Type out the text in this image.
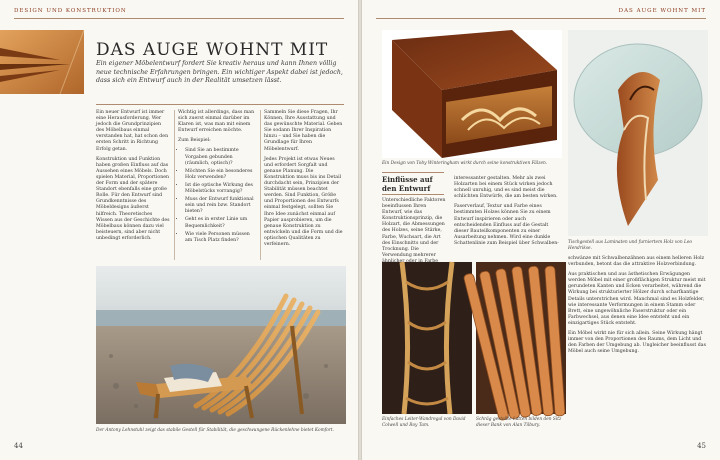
DESIGN UND KONSTRUKTION
DAS AUGE WOHNT MIT
Ein eigener Möbelentwurf fordert Sie kreativ heraus und kann Ihnen völlig neue technische Erfahrungen bringen. Ein wichtiger Aspekt dabei ist jedoch, dass sich ein Entwurf auch in der Realität umsetzen lässt.

Ein neuer Entwurf ist immer eine Herausforderung. Wer jedoch die Grundprinzipien des Möbelbaus einmal verstanden hat, hat schon den ersten Schritt in Richtung Erfolg getan.

Konstruktion und Funktion haben großen Einfluss auf das Aussehen eines Möbels. Doch spielen Material, Proportionen der Form und der spätere Standort ebenfalls eine große Rolle. Für den Entwurf sind Grundkenntnisse des Möbeldesigns äußerst hilfreich. Theoretisches Wissen aus der Geschichte des Möbelbaus können dazu viel beisteuern, sind aber nicht unbedingt erforderlich.

Wichtig ist allerdings, dass man sich zuerst einmal darüber im Klaren ist, was man mit einem Entwurf erreichen möchte.

Zum Beispiel:

• Sind Sie an bestimmte Vorgaben gebunden (räumlich, optisch)?
• Möchten Sie ein besonderes Holz verwenden?
• Ist die optische Wirkung des Möbelstücks vorrangig?
• Muss der Entwurf funktional sein und rein bzw. Standort bieten?
• Geht es in erster Linie um Bequemlichkeit?
• Wie viele Personen müssen am Tisch Platz finden?

Sammeln Sie diese Fragen, Ihr Können, Ihre Ausstattung und das gewünschte Material. Geben Sie sodann Ihrer Inspiration hinzu – und Sie haben die Grundlage für Ihren Möbelentwurf.

Jedes Projekt ist etwas Neues und erfordert Sorgfalt und genaue Planung. Die Konstruktion muss bis ins Detail durchdacht sein, Prinzipien der Stabilität müssen beachtet werden. Sind Funktion, Größe und Proportionen des Entwurfs einmal festgelegt, sollten Sie Ihre Idee zunächst einmal auf Papier ausprobieren, um die genaue Konstruktion zu entwickeln und die Form und die optischen Qualitäten zu verfeinern.

Der Antony Lehnstuhl zeigt das stabile Gestell für Stabilität, die geschwungene Rückenlehne bietet Komfort.
44
DAS AUGE WOHNT MIT
Ein Design von Toby Winteringham wirkt durch seine konstruktiven Fälzen.
Einflüsse auf den Entwurf
Unterschiedliche Faktoren beeinflussen Ihren Entwurf, wie das Konstruktionsprinzip, die Holzart, die Abmessungen des Holzes, seine Stärke, Farbe, Wuchsart, die Art des Einschnitts und der Trocknung. Die Verwendung mehrerer

interessanter gestalten. Mehr als zwei Holzarten bei einem Stück wirken jedoch schnell unruhig, und es sind meist die schlichten Entwürfe, die am besten wirken.

Faserverlauf, Textur und Farbe eines bestimmten Holzes können Sie zu einem Entwurf inspirieren oder auch entscheidenden Einfluss auf die Gestalt dieser Bauteilkomponenten zu einer Ausarbeitung nehmen. Wird eine dunkle Schattenlinie zum Beispiel über Schwalben-	Tischgestell aus Laminaten und furniertem Holz von Leo Hendrikse.

schwänze mit Schwalbenzähnen aus einem helleren Holz verbunden, betont das die attraktive Holzverbindung.

Aus praktischen und aus ästhetischen Erwägungen werden Möbel mit einer großflächigen Struktur meist mit gerundeten Kanten und Ecken verarbeitet, während die Wirkung bei strukturierter Hölzer durch scharfkantige Details unterstrichen wird. Manchmal sind es Holzfelder, wie interessante Verformungen in einem Stamm oder Brett, eine ungewöhnliche Faserstruktur oder ein Farbwechsel, aus denen eine Idee entsteht und ein einzigartiges Stück entsteht.

Ein Möbel wirkt nie für sich allein. Seine Wirkung hängt immer von den Proportionen des Raums, dem Licht und den Farben der Umgebung ab. Ungleicher beeinflusst das Möbel auch seine Umgebung.

Einfaches Leiter-Wandregal von David Colwell und Roy Tam.
Schräg gestellte Latten bilden den Sitz dieser Bank von Alan Tilbury.
45
